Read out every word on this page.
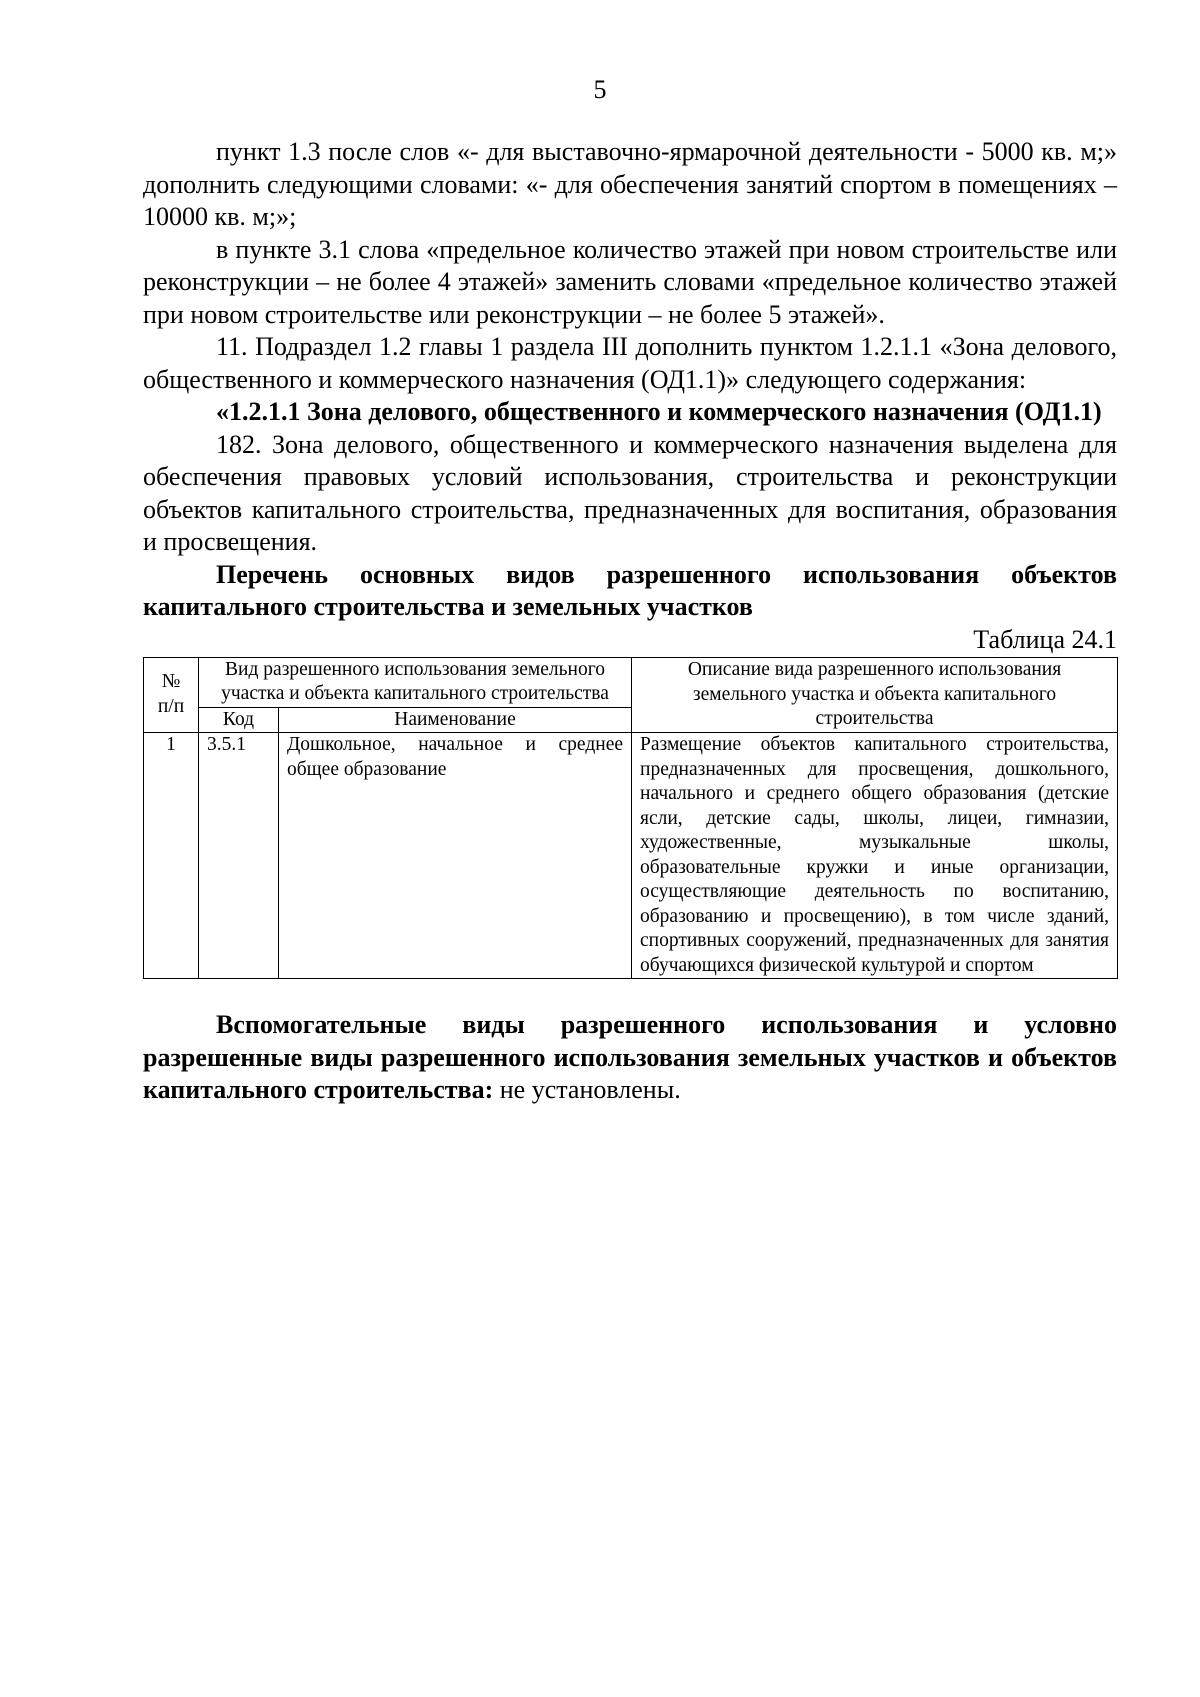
5

пункт 1.3 после слов «- для выставочно-ярмарочной деятельности - 5000 кв. м;» дополнить следующими словами: «- для обеспечения занятий спортом в помещениях – 10000 кв. м;»;

в пункте 3.1 слова «предельное количество этажей при новом строительстве или реконструкции – не более 4 этажей» заменить словами «предельное количество этажей при новом строительстве или реконструкции – не более 5 этажей».

11. Подраздел 1.2 главы 1 раздела III дополнить пунктом 1.2.1.1 «Зона делового, общественного и коммерческого назначения (ОД1.1)» следующего содержания:

«1.2.1.1 Зона делового, общественного и коммерческого назначения (ОД1.1)

182. Зона делового, общественного и коммерческого назначения выделена для обеспечения правовых условий использования, строительства и реконструкции объектов капитального строительства, предназначенных для воспитания, образования и просвещения.

Перечень основных видов разрешенного использования объектов капитального строительства и земельных участков

Таблица 24.1

№ п/п	Вид разрешенного использования земельного участка и объекта капитального строительства		Описание вида разрешенного использования земельного участка и объекта капитального строительства
	Код	Наименование	
1	3.5.1	Дошкольное, начальное и среднее общее образование	Размещение объектов капитального строительства, предназначенных для просвещения, дошкольного, начального и среднего общего образования (детские ясли, детские сады, школы, лицеи, гимназии, художественные, музыкальные школы, образовательные кружки и иные организации, осуществляющие деятельность по воспитанию, образованию и просвещению), в том числе зданий, спортивных сооружений, предназначенных для занятия обучающихся физической культурой и спортом

Вспомогательные виды разрешенного использования и условно разрешенные виды разрешенного использования земельных участков и объектов капитального строительства: не установлены.
